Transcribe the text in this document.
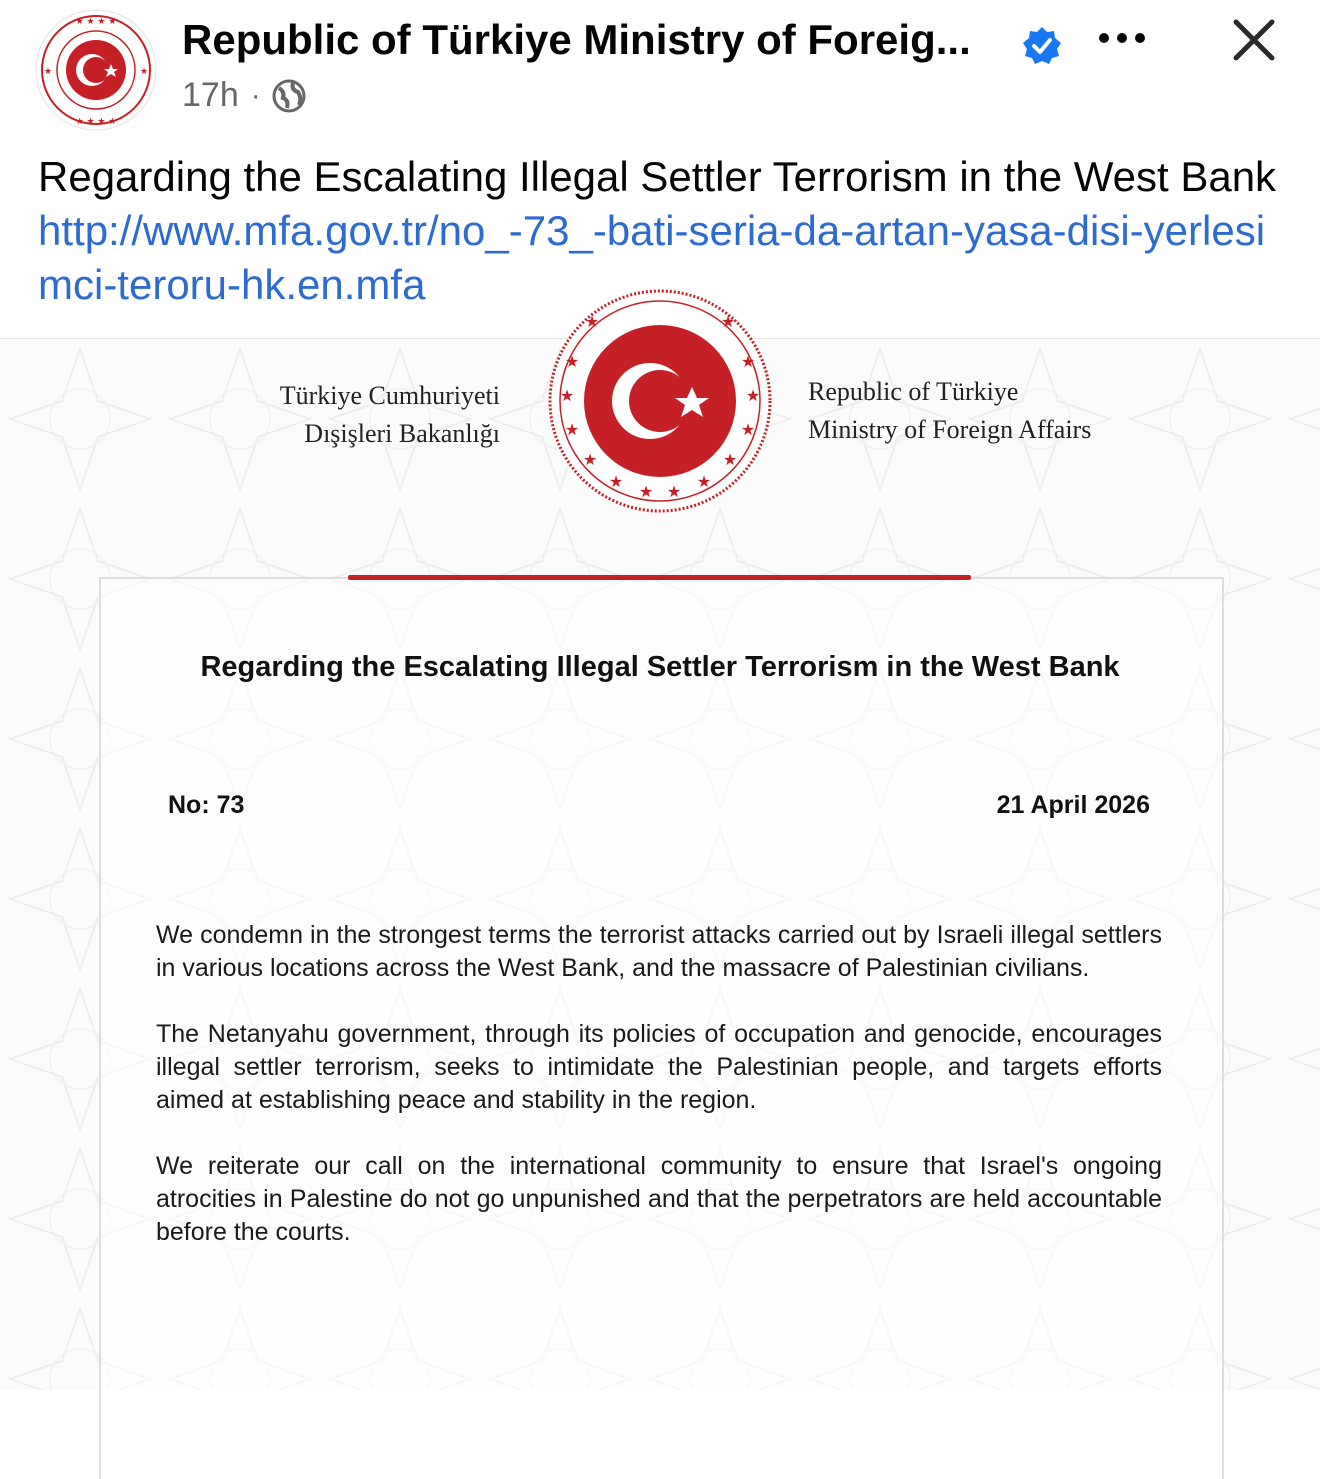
★ ★ ★ ★
★ ★ ★ ★
★	★
Republic of Türkiye Ministry of Foreig...
17h ·
Regarding the Escalating Illegal Settler Terrorism in the West Bank http://www.mfa.gov.tr/no_-73_-bati-seria-da-artan-yasa-disi-yerlesimci-teroru-hk.en.mfa
Türkiye Cumhuriyeti
Dışişleri Bakanlığı
★	★
★	★
★	★
★	★
★	★
★	★
★ ★
Republic of Türkiye
Ministry of Foreign Affairs
Regarding the Escalating Illegal Settler Terrorism in the West Bank
No: 73	21 April 2026

We condemn in the strongest terms the terrorist attacks carried out by Israeli illegal settlers in various locations across the West Bank, and the massacre of Palestinian civilians.

The Netanyahu government, through its policies of occupation and genocide, encourages illegal settler terrorism, seeks to intimidate the Palestinian people, and targets efforts aimed at establishing peace and stability in the region.

We reiterate our call on the international community to ensure that Israel's ongoing atrocities in Palestine do not go unpunished and that the perpetrators are held accountable before the courts.
